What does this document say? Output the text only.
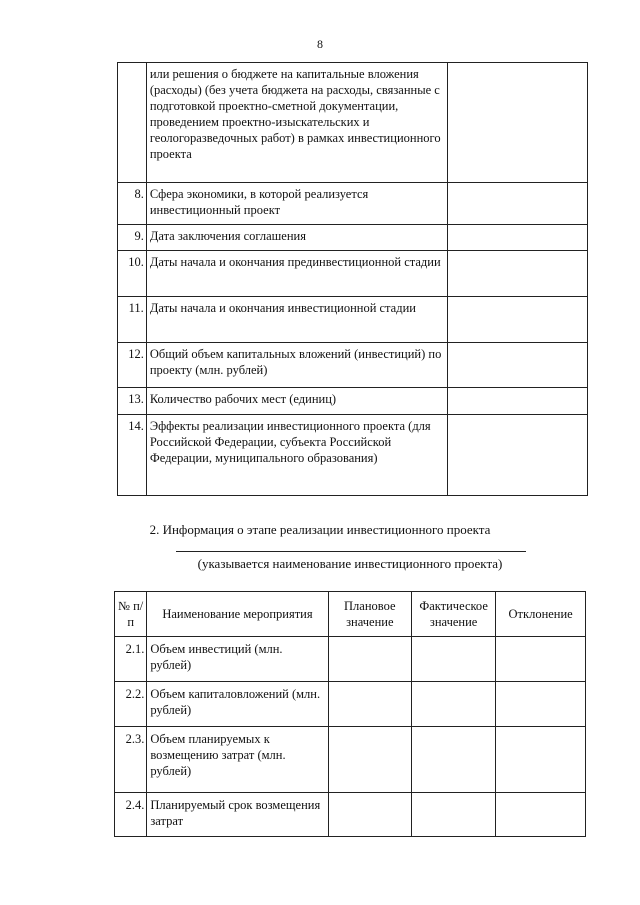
8
	или решения о бюджете на капитальные вложения (расходы) (без учета бюджета на расходы, связанные с подготовкой проектно-сметной документации, проведением проектно-изыскательских и геологоразведочных работ) в рамках инвестиционного проекта	
8.	Сфера экономики, в которой реализуется инвестиционный проект	
9.	Дата заключения соглашения	
10.	Даты начала и окончания прединвестиционной стадии	
11.	Даты начала и окончания инвестиционной стадии	
12.	Общий объем капитальных вложений (инвестиций) по проекту (млн. рублей)	
13.	Количество рабочих мест (единиц)	
14.	Эффекты реализации инвестиционного проекта (для Российской Федерации, субъекта Российской Федерации, муниципального образования)	
2. Информация о этапе реализации инвестиционного проекта
(указывается наименование инвестиционного проекта)
№ п/п	Наименование мероприятия	Плановое значение	Фактическое значение	Отклонение
2.1.	Объем инвестиций (млн. рублей)			
2.2.	Объем капиталовложений (млн. рублей)			
2.3.	Объем планируемых к возмещению затрат (млн. рублей)			
2.4.	Планируемый срок возмещения затрат			
